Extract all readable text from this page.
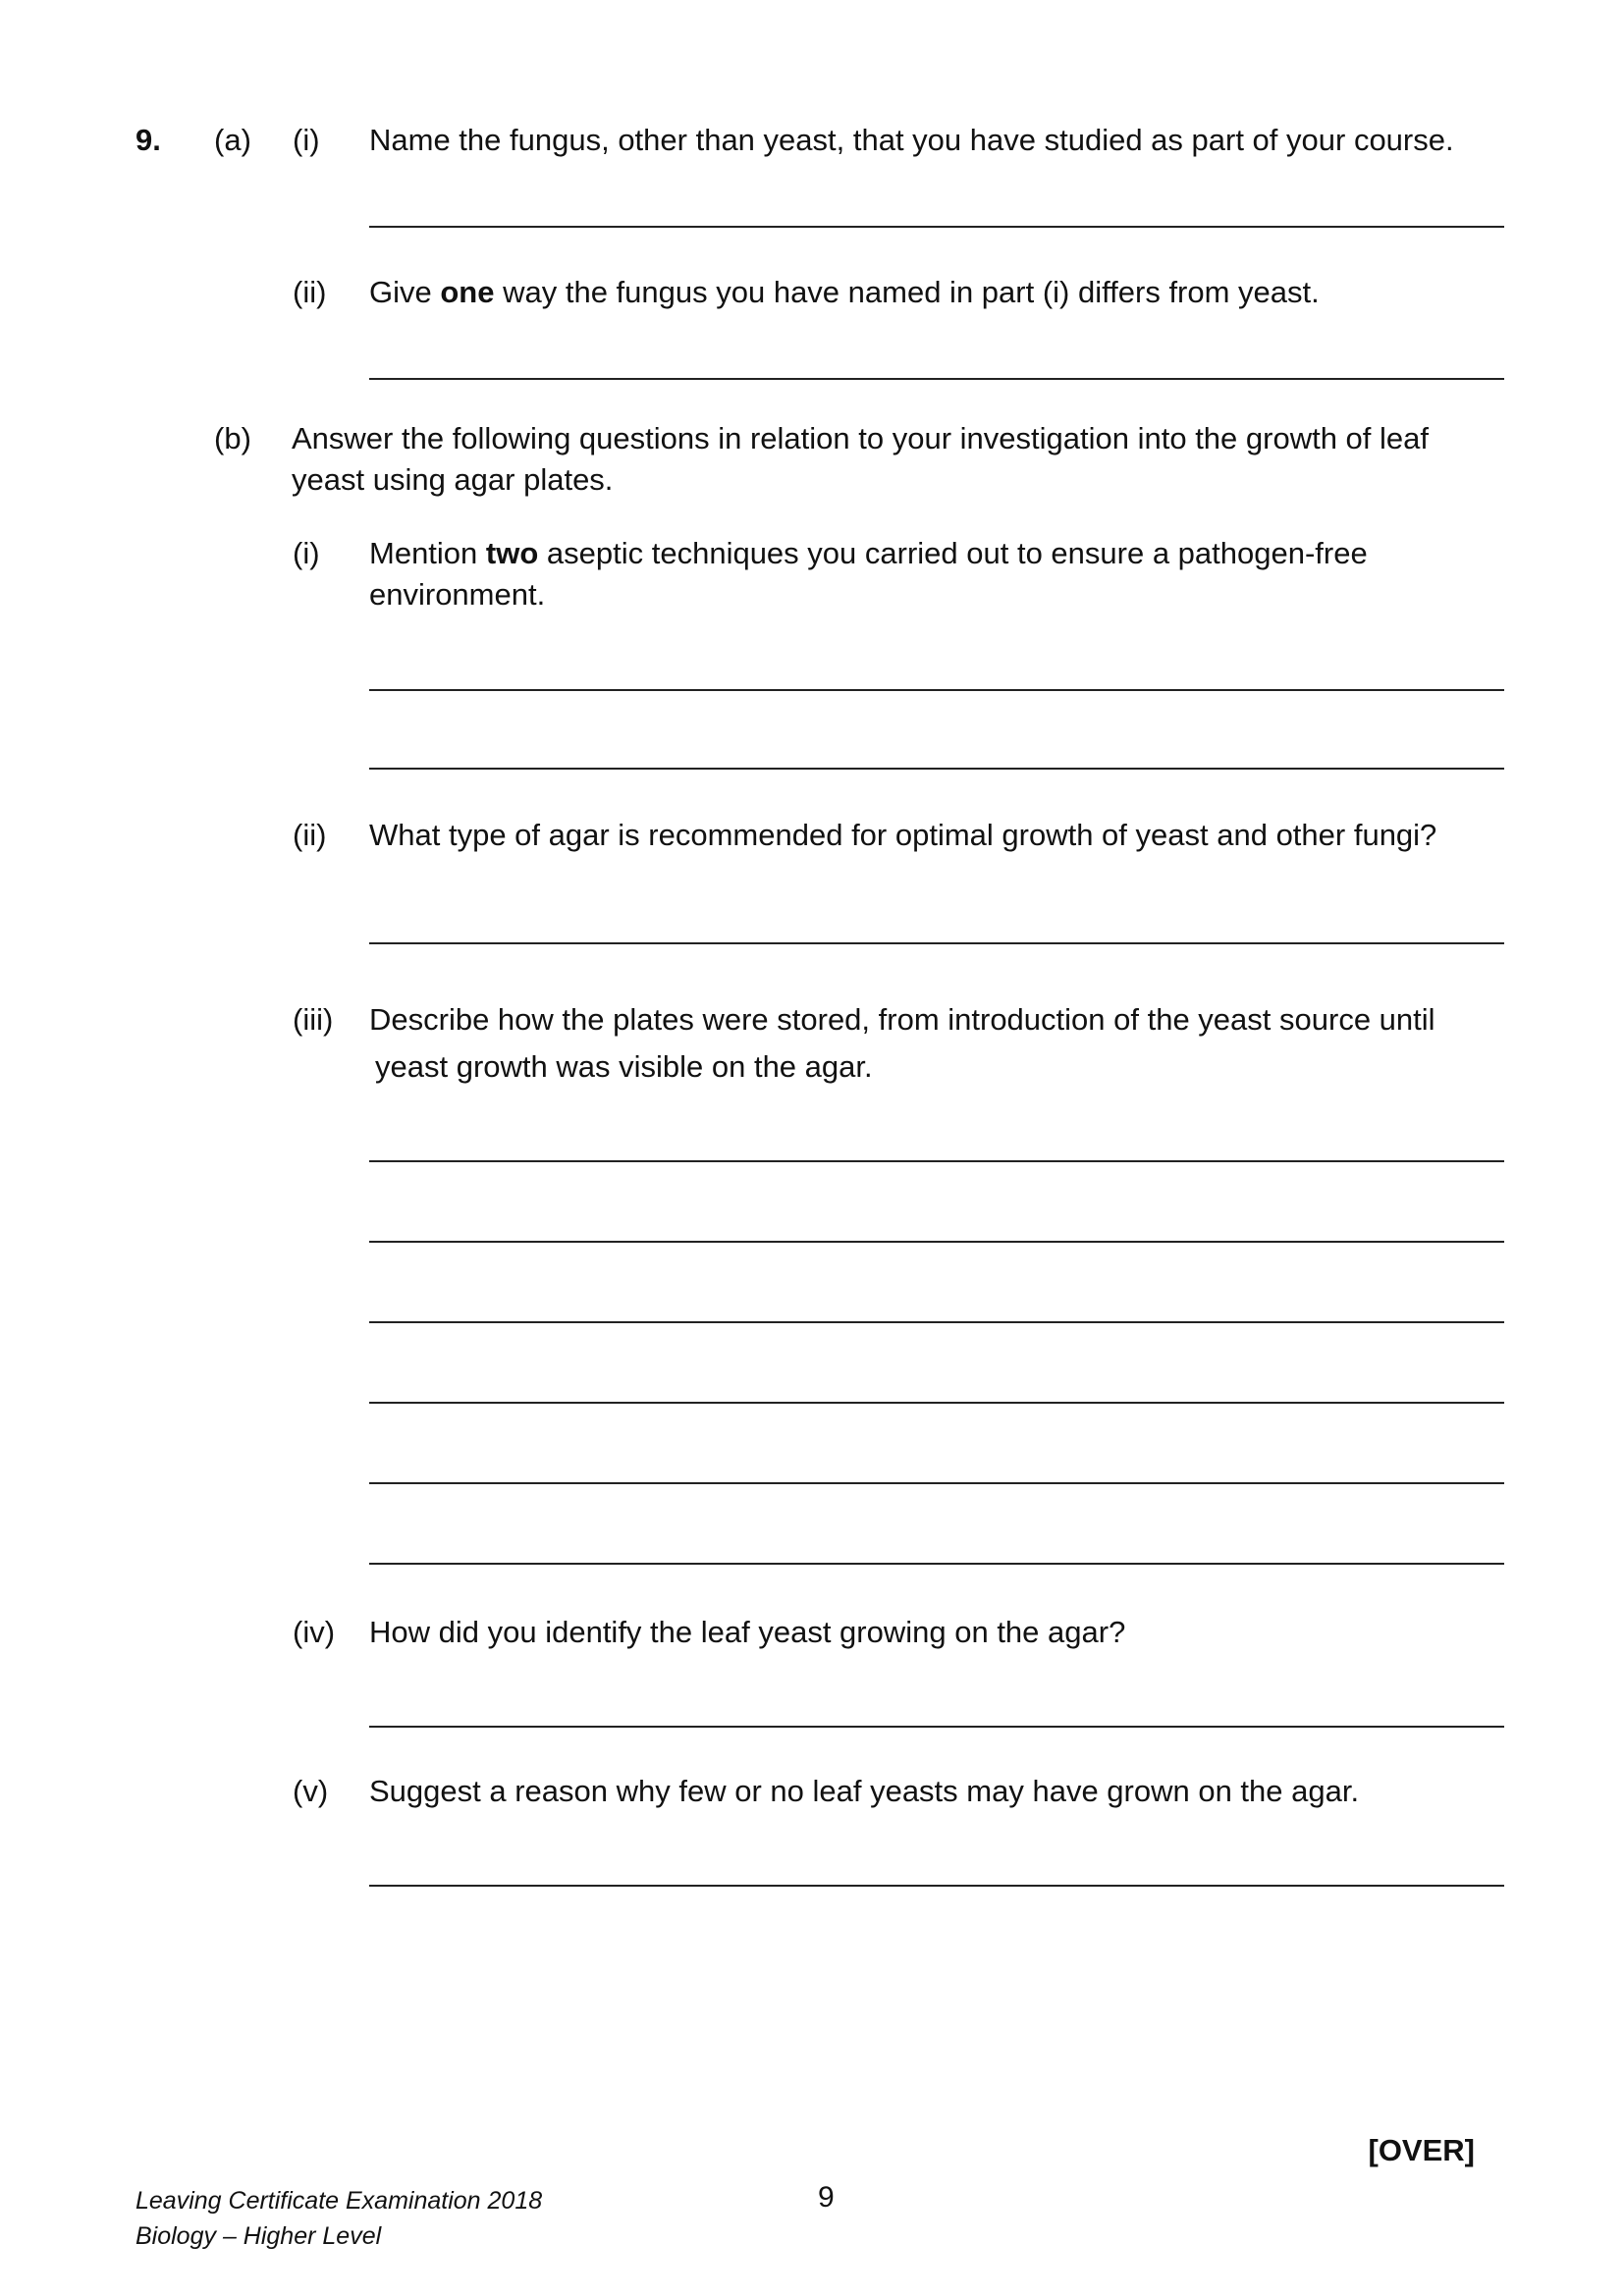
9. (a) (i) Name the fungus, other than yeast, that you have studied as part of your course.
(ii) Give one way the fungus you have named in part (i) differs from yeast.
(b) Answer the following questions in relation to your investigation into the growth of leaf
yeast using agar plates.
(i) Mention two aseptic techniques you carried out to ensure a pathogen-free
environment.
(ii) What type of agar is recommended for optimal growth of yeast and other fungi?
(iii) Describe how the plates were stored, from introduction of the yeast source until
yeast growth was visible on the agar.
(iv) How did you identify the leaf yeast growing on the agar?
(v) Suggest a reason why few or no leaf yeasts may have grown on the agar.
[OVER]
Leaving Certificate Examination 2018
Biology – Higher Level
9
